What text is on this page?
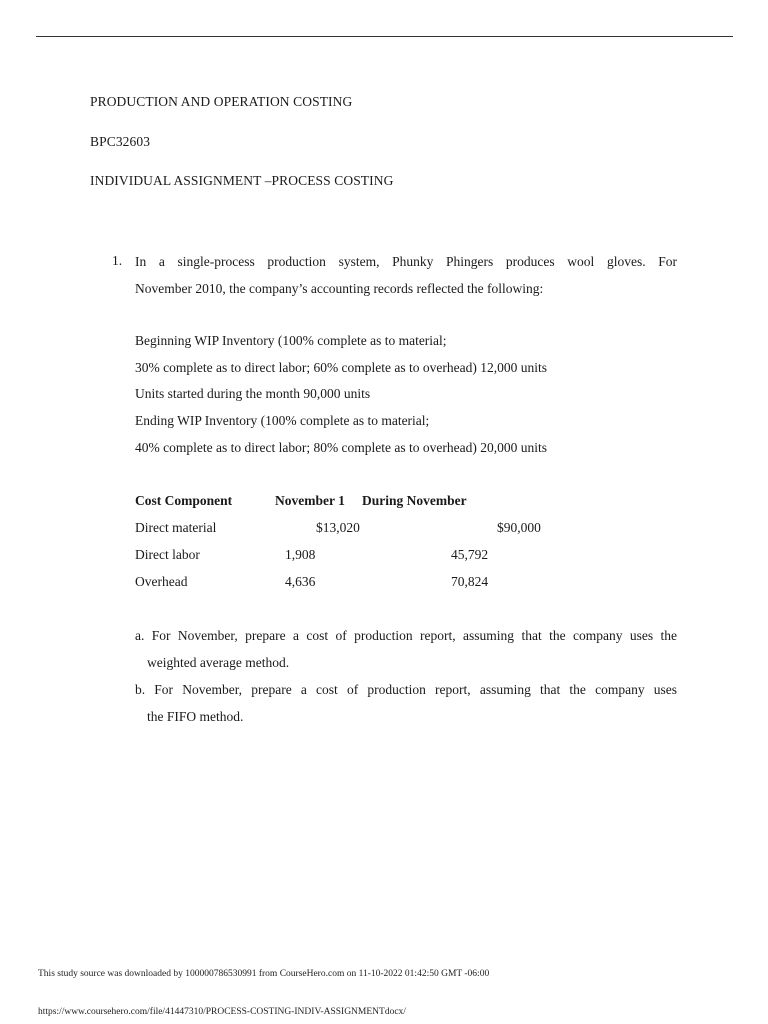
PRODUCTION AND OPERATION COSTING
BPC32603
INDIVIDUAL ASSIGNMENT –PROCESS COSTING
1. In a single-process production system, Phunky Phingers produces wool gloves. For
November 2010, the company’s accounting records reflected the following:
Beginning WIP Inventory (100% complete as to material;
30% complete as to direct labor; 60% complete as to overhead) 12,000 units
Units started during the month 90,000 units
Ending WIP Inventory (100% complete as to material;
40% complete as to direct labor; 80% complete as to overhead) 20,000 units
Cost Component	November 1 During November
Direct material	$13,020	$90,000
Direct labor	1,908	45,792
Overhead	4,636	70,824
a. For November, prepare a cost of production report, assuming that the company uses the
weighted average method.
b. For November, prepare a cost of production report, assuming that the company uses
the FIFO method.
This study source was downloaded by 100000786530991 from CourseHero.com on 11-10-2022 01:42:50 GMT -06:00
https://www.coursehero.com/file/41447310/PROCESS-COSTING-INDIV-ASSIGNMENTdocx/
